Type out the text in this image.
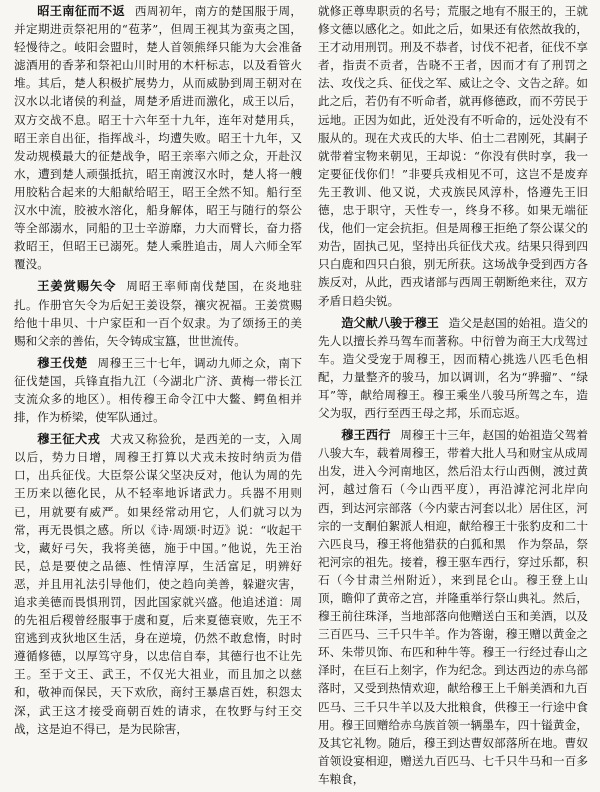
昭王南征而不返 西周初年，南方的楚国服于周，并定期进贡祭祀用的“苞茅”，但周王视其为蛮夷之国，轻慢待之。岐阳会盟时，楚人首领熊绎只能为大会准备滤酒用的香茅和祭祀山川时用的木杆标志，以及看管火堆。其后，楚人积极扩展势力，从而威胁到周王朝对在汉水以北诸侯的利益，周楚矛盾进而激化，成王以后，双方交战不息。昭王十六年至十九年，连年对楚用兵，昭王亲自出征，指挥战斗，均遭失败。昭王十九年，又发动规模最大的征楚战争，昭王亲率六师之众，开赴汉水，遭到楚人顽强抵抗，昭王南渡汉水时，楚人将一艘用胶粘合起来的大船献给昭王，昭王全然不知。船行至汉水中流，胶被水溶化，船身解体，昭王与随行的祭公等全部溺水，同船的卫士辛游靡，力大而臂长，奋力搭救昭王，但昭王已溺死。楚人乘胜追击，周人六师全军覆没。

王姜赏赐矢令 周昭王率师南伐楚国，在炎地驻扎。作册官矢令为后妃王姜设祭，禳灾祝福。王姜赏赐给他十串贝、十户家臣和一百个奴隶。为了颂扬王的美赐和父亲的善佑，矢令铸成宝簋，世世流传。

穆王伐楚 周穆王三十七年，调动九师之众，南下征伐楚国，兵锋直指九江（今湖北广济、黄梅一带长江支流众多的地区）。相传穆王命令江中大鳖、鳄鱼相并排，作为桥梁，使军队通过。

穆王征犬戎 犬戎又称猃狁，是西羌的一支，入周以后，势力日增，周穆王打算以犬戎未按时纳贡为借口，出兵征伐。大臣祭公谋父坚决反对，他认为周的先王历来以德化民，从不轻率地诉诸武力。兵器不用则已，用就要有威严。如果经常动用它，人们就习以为常，再无畏惧之感。所以《诗·周颂·时迈》说：“收起干戈，藏好弓矢，我将美德，施于中国。”他说，先王治民，总是要使之品德、性情淳厚，生活富足，明辨好恶，并且用礼法引导他们，使之趋向美善，躲避灾害，追求美德而畏惧刑罚，因此国家就兴盛。他追述道：周的先祖后稷曾经服事于虞和夏，后来夏德衰败，先王不窋逃到戎狄地区生活，身在逆境，仍然不敢怠惰，时时遵循修德，以厚笃守身，以忠信自奉，其德行也不让先王。至于文王、武王，不仅光大祖业，而且加之以慈和，敬神而保民，天下欢欣，商纣王暴虐百姓，积怨太深，武王这才接受商朝百姓的请求，在牧野与纣王交战，这是迫不得已，是为民除害，

就修正尊卑职贡的名号；荒服之地有不服王的，王就修文德以感化之。如此之后，如果还有依然故我的，王才动用刑罚。刑及不恭者，讨伐不祀者，征伐不享者，指责不贡者，告晓不王者，因而才有了刑罚之法、攻伐之兵、征伐之军、威让之令、文告之辞。如此之后，若仍有不听命者，就再修德政，而不劳民于远地。正因为如此，近处没有不听命的，远处没有不服从的。现在犬戎氏的大毕、伯士二君刚死，其嗣子就带着宝物来朝见，王却说：“你没有供时享，我一定要征伐你们！”非要兵戎相见不可，这岂不是废弃先王教训、他又说，犬戎族民风淳朴，恪遵先王旧德，忠于职守，天性专一，终身不移。如果无端征伐，他们一定会抗拒。但是周穆王拒绝了祭公谋父的劝告，固执己见，坚持出兵征伐犬戎。结果只得到四只白鹿和四只白狼，别无所获。这场战争受到西方各族反对，从此，西戎诸部与西周王朝断绝来往，双方矛盾日趋尖锐。

造父献八骏于穆王 造父是赵国的始祖。造父的先人以擅长养马驾车而著称。中衍曾为商王大戊驾过车。造父受宠于周穆王，因而精心挑选八匹毛色相配，力量整齐的骏马，加以调训，名为“骅骝”、“绿耳”等，献给周穆王。穆王乘坐八骏马所驾之车，造父为驭，西行至西王母之邦，乐而忘返。

穆王西行 周穆王十三年，赵国的始祖造父驾着八骏大车，载着周穆王，带着大批人马和财宝从成周出发，进入今河南地区，然后沿太行山西侧，渡过黄河，越过詹石（今山西平度），再沿滹沱河北岸向西，到达河宗部落（今内蒙古河套以北）居住区，河宗的一支酮伯絮派人相迎，献给穆王十张豹皮和二十六匹良马，穆王将他猎获的白狐和黑　作为祭品，祭祀河宗的祖先。接着，穆王驱车西行，穿过乐都，积石（今甘肃兰州附近），来到昆仑山。穆王登上山顶，瞻仰了黄帝之宫，并隆重举行祭山典礼。然后，穆王前往珠泽，当地部落向他赠送白玉和美酒，以及三百匹马、三千只牛羊。作为答谢，穆王赠以黄金之环、朱带贝饰、布匹和种牛等。穆王一行经过春山之泽时，在巨石上刻字，作为纪念。到达西边的赤乌部落时，又受到热情欢迎，献给穆王上千斛美酒和九百匹马、三千只牛羊以及大批粮食，供穆王一行途中食用。穆王回赠给赤乌族首领一辆墨车，四十镒黄金，及其它礼物。随后，穆王到达曹奴部落所在地。曹奴首领设宴相迎，赠送九百匹马、七千只牛马和一百多车粮食，
